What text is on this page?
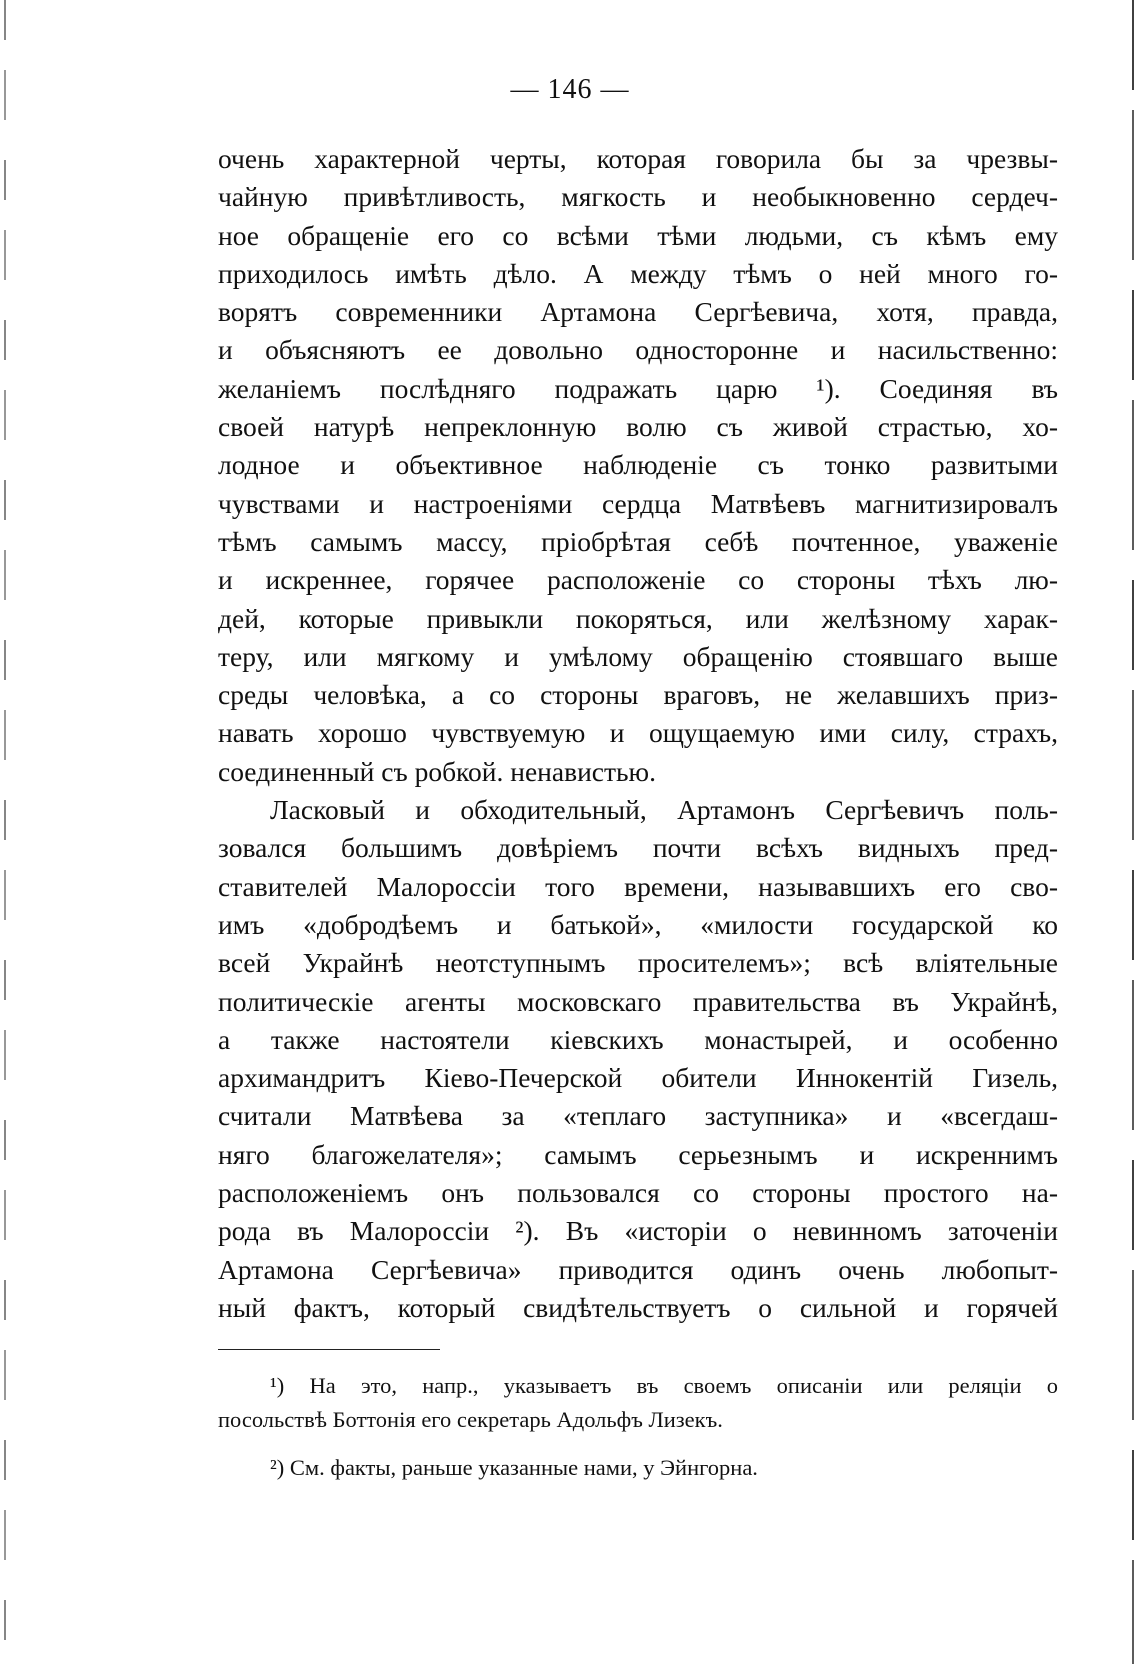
— 146 —
очень характерной черты, которая говорила бы за чрезвы-
чайную привѣтливость, мягкость и необыкновенно сердеч-
ное обращеніе его со всѣми тѣми людьми, съ кѣмъ ему
приходилось имѣть дѣло. А между тѣмъ о ней много го-
ворятъ современники Артамона Сергѣевича, хотя, правда,
и объясняютъ ее довольно односторонне и насильственно:
желаніемъ послѣдняго подражать царю ¹). Соединяя въ
своей натурѣ непреклонную волю съ живой страстью, хо-
лодное и объективное наблюденіе съ тонко развитыми
чувствами и настроеніями сердца Матвѣевъ магнитизировалъ
тѣмъ самымъ массу, пріобрѣтая себѣ почтенное, уваженіе
и искреннее, горячее расположеніе со стороны тѣхъ лю-
дей, которые привыкли покоряться, или желѣзному харак-
теру, или мягкому и умѣлому обращенію стоявшаго выше
среды человѣка, а со стороны враговъ, не желавшихъ приз-
навать хорошо чувствуемую и ощущаемую ими силу, страхъ,
соединенный съ робкой. ненавистью.
Ласковый и обходительный, Артамонъ Сергѣевичъ поль-
зовался большимъ довѣріемъ почти всѣхъ видныхъ пред-
ставителей Малороссіи того времени, называвшихъ его сво-
имъ «добродѣемъ и батькой», «милости государской ко
всей Украйнѣ неотступнымъ просителемъ»; всѣ вліятельные
политическіе агенты московскаго правительства въ Украйнѣ,
а также настоятели кіевскихъ монастырей, и особенно
архимандритъ Кіево-Печерской обители Иннокентій Гизель,
считали Матвѣева за «теплаго заступника» и «всегдаш-
няго благожелателя»; самымъ серьезнымъ и искреннимъ
расположеніемъ онъ пользовался со стороны простого на-
рода въ Малороссіи ²). Въ «исторіи о невинномъ заточеніи
Артамона Сергѣевича» приводится одинъ очень любопыт-
ный фактъ, который свидѣтельствуетъ о сильной и горячей
¹) На это, напр., указываетъ въ своемъ описаніи или реляціи о
посольствѣ Боттонія его секретарь Адольфъ Лизекъ.
²) См. факты, раньше указанные нами, у Эйнгорна.
